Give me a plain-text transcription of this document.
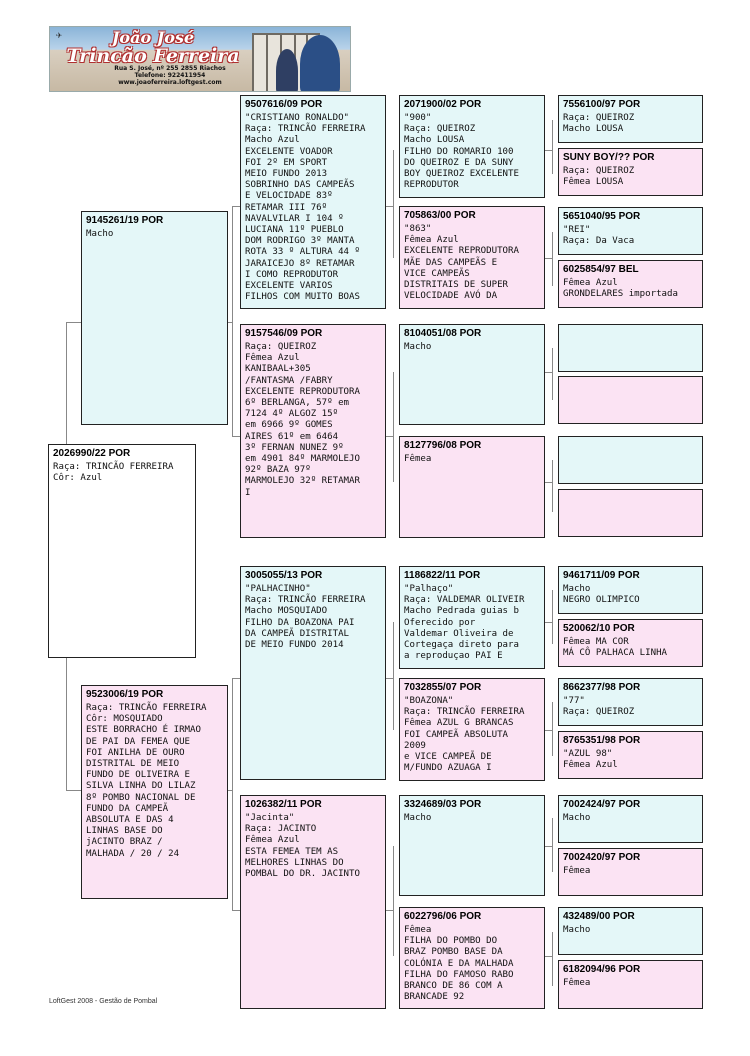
✈	João José
Trincão Ferreira
Rua S. José, nº 255 2855 Riachos
Telefone: 922411954
www.joaoferreira.loftgest.com
2026990/22 POR
Raça: TRINCÃO FERREIRA
Côr: Azul
9145261/19 POR
Macho
9523006/19 POR
Raça: TRINCÃO FERREIRA
Côr: MOSQUIADO
ESTE BORRACHO É IRMAO
DE PAI DA FEMEA QUE
FOI ANILHA DE OURO
DISTRITAL DE MEIO
FUNDO DE OLIVEIRA E
SILVA LINHA DO LILAZ
8º POMBO NACIONAL DE
FUNDO DA CAMPEÃ
ABSOLUTA E DAS 4
LINHAS BASE DO
jACINTO BRAZ /
MALHADA / 20 / 24
9507616/09 POR
"CRISTIANO RONALDO"
Raça: TRINCÃO FERREIRA
Macho Azul
EXCELENTE VOADOR
FOI 2º EM SPORT
MEIO FUNDO 2013
SOBRINHO DAS CAMPEÃS
E VELOCIDADE 83º
RETAMAR III 76º
NAVALVILAR I 104 º
LUCIANA 11º PUEBLO
DOM RODRIGO 3º MANTA
ROTA 33 º ALTURA 44 º
JARAICEJO 8º RETAMAR
I COMO REPRODUTOR
EXCELENTE VARIOS
FILHOS COM MUITO BOAS
9157546/09 POR
Raça: QUEIROZ
Fêmea Azul
KANIBAAL+305
/FANTASMA /FABRY
EXCELENTE REPRODUTORA
6º BERLANGA, 57º em
7124 4º ALGOZ 15º
em 6966 9º GOMES
AIRES 61º em 6464
3º FERNAN NUNEZ 9º
em 4901 84º MARMOLEJO
92º BAZA 97º
MARMOLEJO 32º RETAMAR
I
3005055/13 POR
"PALHACINHO"
Raça: TRINCÃO FERREIRA
Macho MOSQUIADO
FILHO DA BOAZONA PAI
DA CAMPEÃ DISTRITAL
DE MEIO FUNDO 2014
1026382/11 POR
"Jacinta"
Raça: JACINTO
Fêmea Azul
ESTA FEMEA TEM AS
MELHORES LINHAS DO
POMBAL DO DR. JACINTO
2071900/02 POR
"900"
Raça: QUEIROZ
Macho LOUSA
FILHO DO ROMARIO 100
DO QUEIROZ E DA SUNY
BOY QUEIROZ EXCELENTE
REPRODUTOR
705863/00 POR
"863"
Fêmea Azul
EXCELENTE REPRODUTORA
MÃE DAS CAMPEÃS E
VICE CAMPEÃS
DISTRITAIS DE SUPER
VELOCIDADE AVÓ DA
8104051/08 POR
Macho
8127796/08 POR
Fêmea
1186822/11 POR
"Palhaço"
Raça: VALDEMAR OLIVEIR
Macho Pedrada guias b
Oferecido por
Valdemar Oliveira de
Cortegaça direto para
a reproduçao PAI E
7032855/07 POR
"BOAZONA"
Raça: TRINCÃO FERREIRA
Fêmea AZUL G BRANCAS
FOI CAMPEÃ ABSOLUTA
2009
e VICE CAMPEÃ DE
M/FUNDO AZUAGA I
3324689/03 POR
Macho
6022796/06 POR
Fêmea
FILHA DO POMBO DO
BRAZ POMBO BASE DA
COLÓNIA E DA MALHADA
FILHA DO FAMOSO RABO
BRANCO DE 86 COM A
BRANCADE 92
7556100/97 POR
Raça: QUEIROZ
Macho LOUSA
SUNY BOY/?? POR
Raça: QUEIROZ
Fêmea LOUSA
5651040/95 POR
"REI"
Raça: Da Vaca
6025854/97 BEL
Fêmea Azul
GRONDELARES importada
9461711/09 POR
Macho
NEGRO OLIMPICO
520062/10 POR
Fêmea MA COR
MÁ CÔ PALHACA LINHA
8662377/98 POR
"77"
Raça: QUEIROZ
8765351/98 POR
"AZUL 98"
Fêmea Azul
7002424/97 POR
Macho
7002420/97 POR
Fêmea
432489/00 POR
Macho
6182094/96 POR
Fêmea
LoftGest 2008 - Gestão de Pombal
